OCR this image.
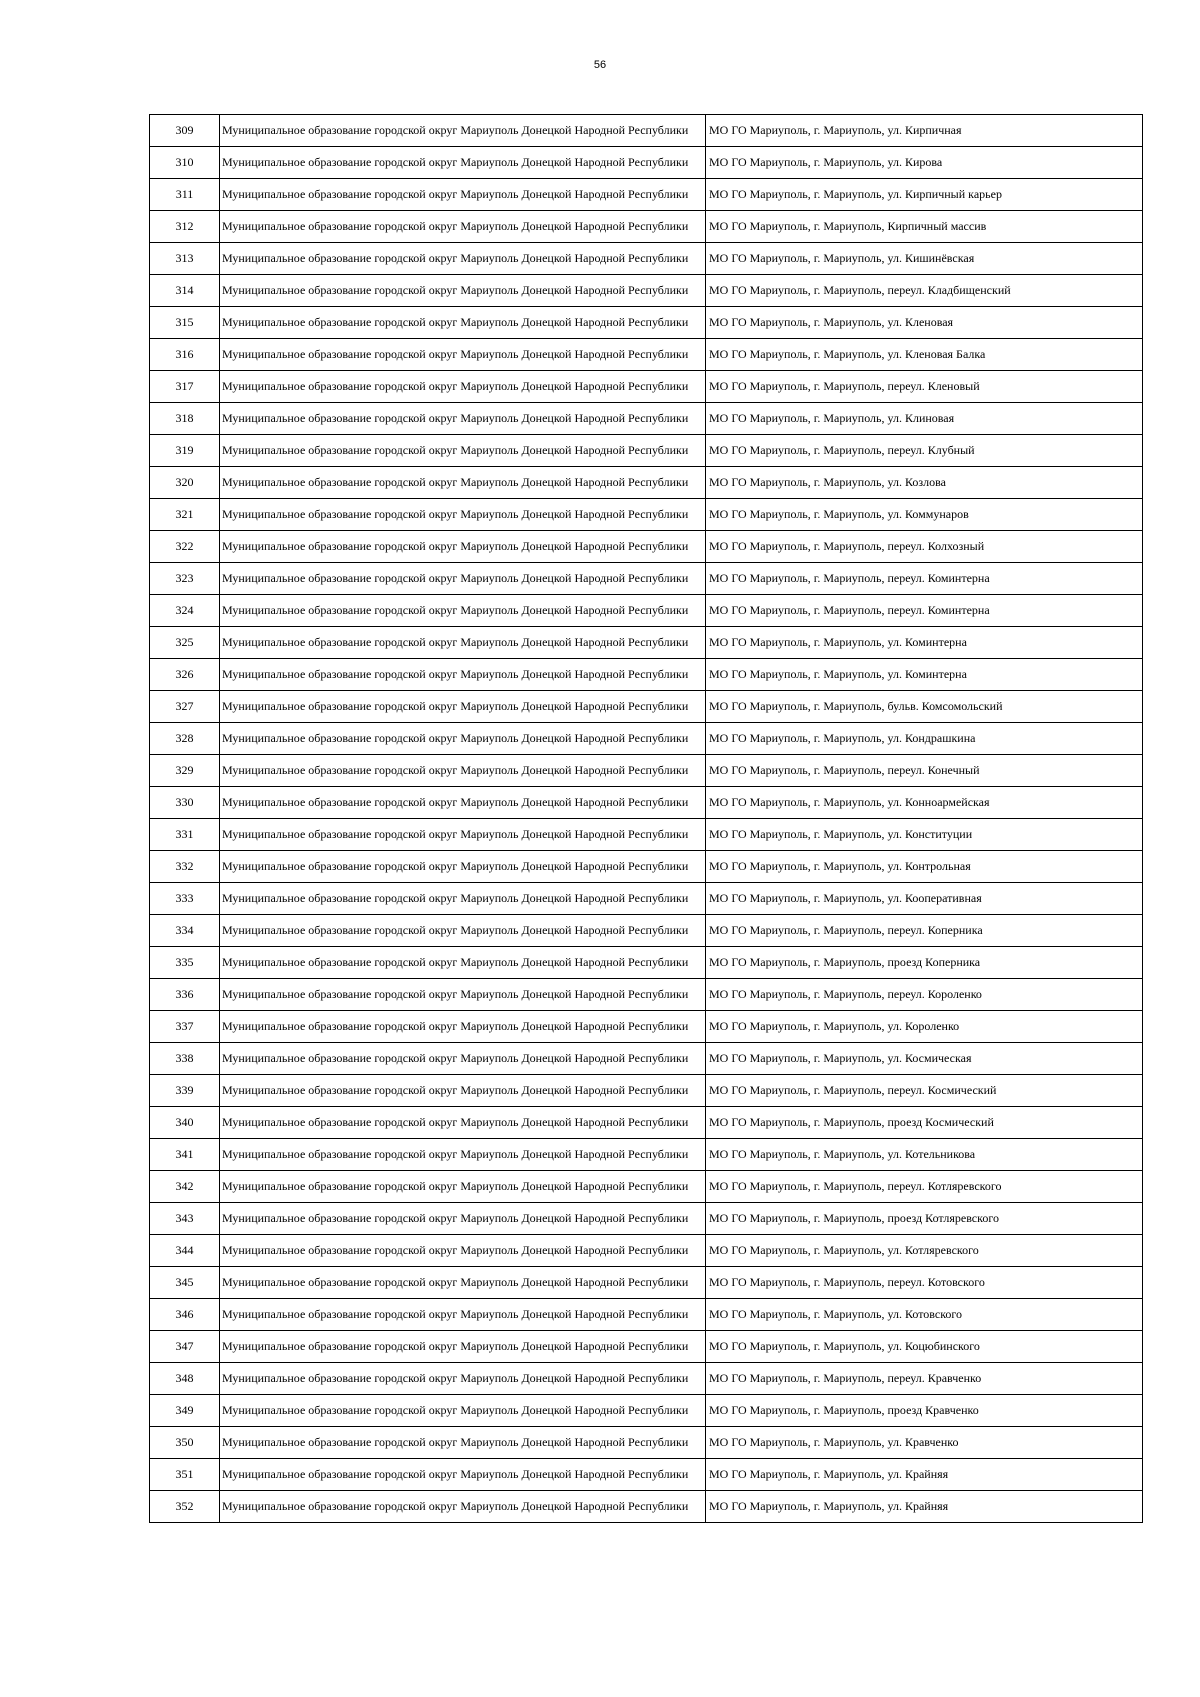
56
309	Муниципальное образование городской округ Мариуполь Донецкой Народной Республики	МО ГО Мариуполь, г. Мариуполь, ул. Кирпичная
310	Муниципальное образование городской округ Мариуполь Донецкой Народной Республики	МО ГО Мариуполь, г. Мариуполь, ул. Кирова
311	Муниципальное образование городской округ Мариуполь Донецкой Народной Республики	МО ГО Мариуполь, г. Мариуполь, ул. Кирпичный карьер
312	Муниципальное образование городской округ Мариуполь Донецкой Народной Республики	МО ГО Мариуполь, г. Мариуполь, Кирпичный массив
313	Муниципальное образование городской округ Мариуполь Донецкой Народной Республики	МО ГО Мариуполь, г. Мариуполь, ул. Кишинёвская
314	Муниципальное образование городской округ Мариуполь Донецкой Народной Республики	МО ГО Мариуполь, г. Мариуполь, переул. Кладбищенский
315	Муниципальное образование городской округ Мариуполь Донецкой Народной Республики	МО ГО Мариуполь, г. Мариуполь, ул. Кленовая
316	Муниципальное образование городской округ Мариуполь Донецкой Народной Республики	МО ГО Мариуполь, г. Мариуполь, ул. Кленовая Балка
317	Муниципальное образование городской округ Мариуполь Донецкой Народной Республики	МО ГО Мариуполь, г. Мариуполь, переул. Кленовый
318	Муниципальное образование городской округ Мариуполь Донецкой Народной Республики	МО ГО Мариуполь, г. Мариуполь, ул. Клиновая
319	Муниципальное образование городской округ Мариуполь Донецкой Народной Республики	МО ГО Мариуполь, г. Мариуполь, переул. Клубный
320	Муниципальное образование городской округ Мариуполь Донецкой Народной Республики	МО ГО Мариуполь, г. Мариуполь, ул. Козлова
321	Муниципальное образование городской округ Мариуполь Донецкой Народной Республики	МО ГО Мариуполь, г. Мариуполь, ул. Коммунаров
322	Муниципальное образование городской округ Мариуполь Донецкой Народной Республики	МО ГО Мариуполь, г. Мариуполь, переул. Колхозный
323	Муниципальное образование городской округ Мариуполь Донецкой Народной Республики	МО ГО Мариуполь, г. Мариуполь, переул. Коминтерна
324	Муниципальное образование городской округ Мариуполь Донецкой Народной Республики	МО ГО Мариуполь, г. Мариуполь, переул. Коминтерна
325	Муниципальное образование городской округ Мариуполь Донецкой Народной Республики	МО ГО Мариуполь, г. Мариуполь, ул. Коминтерна
326	Муниципальное образование городской округ Мариуполь Донецкой Народной Республики	МО ГО Мариуполь, г. Мариуполь, ул. Коминтерна
327	Муниципальное образование городской округ Мариуполь Донецкой Народной Республики	МО ГО Мариуполь, г. Мариуполь, бульв. Комсомольский
328	Муниципальное образование городской округ Мариуполь Донецкой Народной Республики	МО ГО Мариуполь, г. Мариуполь, ул. Кондрашкина
329	Муниципальное образование городской округ Мариуполь Донецкой Народной Республики	МО ГО Мариуполь, г. Мариуполь, переул. Конечный
330	Муниципальное образование городской округ Мариуполь Донецкой Народной Республики	МО ГО Мариуполь, г. Мариуполь, ул. Конноармейская
331	Муниципальное образование городской округ Мариуполь Донецкой Народной Республики	МО ГО Мариуполь, г. Мариуполь, ул. Конституции
332	Муниципальное образование городской округ Мариуполь Донецкой Народной Республики	МО ГО Мариуполь, г. Мариуполь, ул. Контрольная
333	Муниципальное образование городской округ Мариуполь Донецкой Народной Республики	МО ГО Мариуполь, г. Мариуполь, ул. Кооперативная
334	Муниципальное образование городской округ Мариуполь Донецкой Народной Республики	МО ГО Мариуполь, г. Мариуполь, переул. Коперника
335	Муниципальное образование городской округ Мариуполь Донецкой Народной Республики	МО ГО Мариуполь, г. Мариуполь, проезд Коперника
336	Муниципальное образование городской округ Мариуполь Донецкой Народной Республики	МО ГО Мариуполь, г. Мариуполь, переул. Короленко
337	Муниципальное образование городской округ Мариуполь Донецкой Народной Республики	МО ГО Мариуполь, г. Мариуполь, ул. Короленко
338	Муниципальное образование городской округ Мариуполь Донецкой Народной Республики	МО ГО Мариуполь, г. Мариуполь, ул. Космическая
339	Муниципальное образование городской округ Мариуполь Донецкой Народной Республики	МО ГО Мариуполь, г. Мариуполь, переул. Космический
340	Муниципальное образование городской округ Мариуполь Донецкой Народной Республики	МО ГО Мариуполь, г. Мариуполь, проезд Космический
341	Муниципальное образование городской округ Мариуполь Донецкой Народной Республики	МО ГО Мариуполь, г. Мариуполь, ул. Котельникова
342	Муниципальное образование городской округ Мариуполь Донецкой Народной Республики	МО ГО Мариуполь, г. Мариуполь, переул. Котляревского
343	Муниципальное образование городской округ Мариуполь Донецкой Народной Республики	МО ГО Мариуполь, г. Мариуполь, проезд Котляревского
344	Муниципальное образование городской округ Мариуполь Донецкой Народной Республики	МО ГО Мариуполь, г. Мариуполь, ул. Котляревского
345	Муниципальное образование городской округ Мариуполь Донецкой Народной Республики	МО ГО Мариуполь, г. Мариуполь, переул. Котовского
346	Муниципальное образование городской округ Мариуполь Донецкой Народной Республики	МО ГО Мариуполь, г. Мариуполь, ул. Котовского
347	Муниципальное образование городской округ Мариуполь Донецкой Народной Республики	МО ГО Мариуполь, г. Мариуполь, ул. Коцюбинского
348	Муниципальное образование городской округ Мариуполь Донецкой Народной Республики	МО ГО Мариуполь, г. Мариуполь, переул. Кравченко
349	Муниципальное образование городской округ Мариуполь Донецкой Народной Республики	МО ГО Мариуполь, г. Мариуполь, проезд Кравченко
350	Муниципальное образование городской округ Мариуполь Донецкой Народной Республики	МО ГО Мариуполь, г. Мариуполь, ул. Кравченко
351	Муниципальное образование городской округ Мариуполь Донецкой Народной Республики	МО ГО Мариуполь, г. Мариуполь, ул. Крайняя
352	Муниципальное образование городской округ Мариуполь Донецкой Народной Республики	МО ГО Мариуполь, г. Мариуполь, ул. Крайняя
